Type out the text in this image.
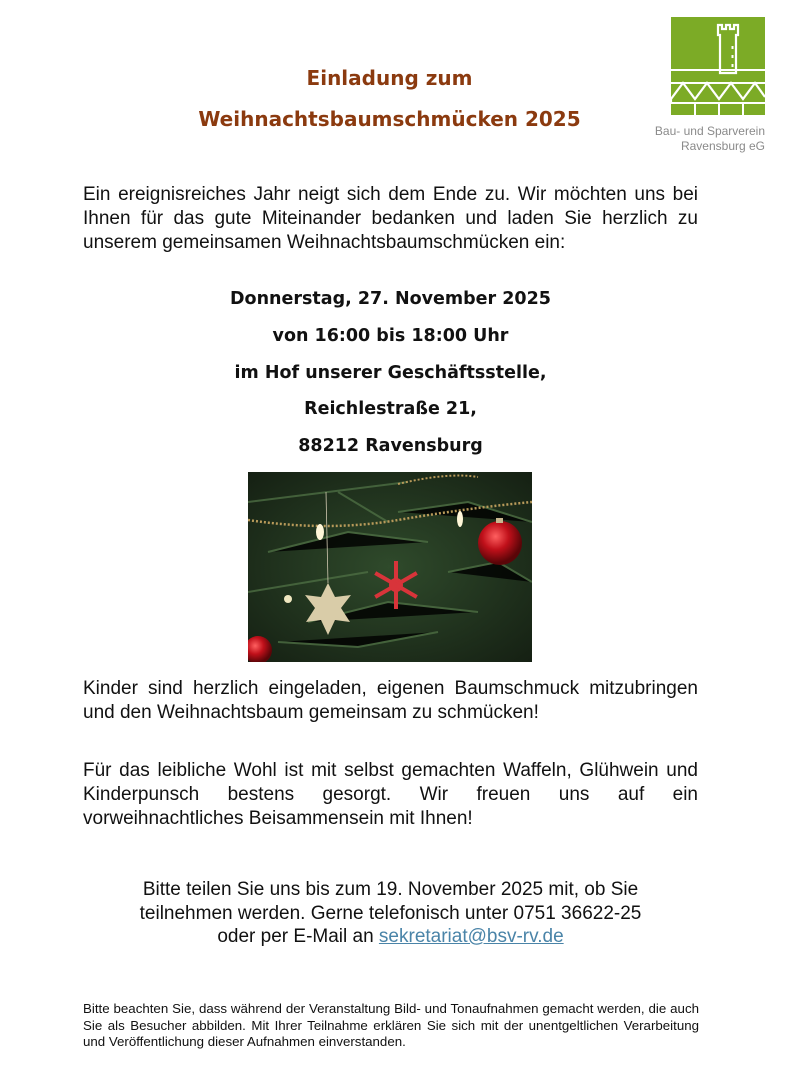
Bau- und Sparverein
Ravensburg eG
Einladung zum
Weihnachtsbaumschmücken 2025
Ein ereignisreiches Jahr neigt sich dem Ende zu. Wir möchten uns bei Ihnen für das gute Miteinander bedanken und laden Sie herzlich zu unserem gemeinsamen Weihnachtsbaumschmücken ein:
Donnerstag, 27. November 2025
von 16:00 bis 18:00 Uhr
im Hof unserer Geschäftsstelle,
Reichlestraße 21,
88212 Ravensburg
Kinder sind herzlich eingeladen, eigenen Baumschmuck mitzubringen und den Weihnachtsbaum gemeinsam zu schmücken!
Für das leibliche Wohl ist mit selbst gemachten Waffeln, Glühwein und Kinderpunsch bestens gesorgt. Wir freuen uns auf ein vorweihnachtliches Beisammensein mit Ihnen!
Bitte teilen Sie uns bis zum 19. November 2025 mit, ob Sie
teilnehmen werden. Gerne telefonisch unter 0751 36622-25
oder per E-Mail an sekretariat@bsv-rv.de
Bitte beachten Sie, dass während der Veranstaltung Bild- und Tonaufnahmen gemacht werden, die auch Sie als Besucher abbilden. Mit Ihrer Teilnahme erklären Sie sich mit der unentgeltlichen Verarbeitung und Veröffentlichung dieser Aufnahmen einverstanden.
